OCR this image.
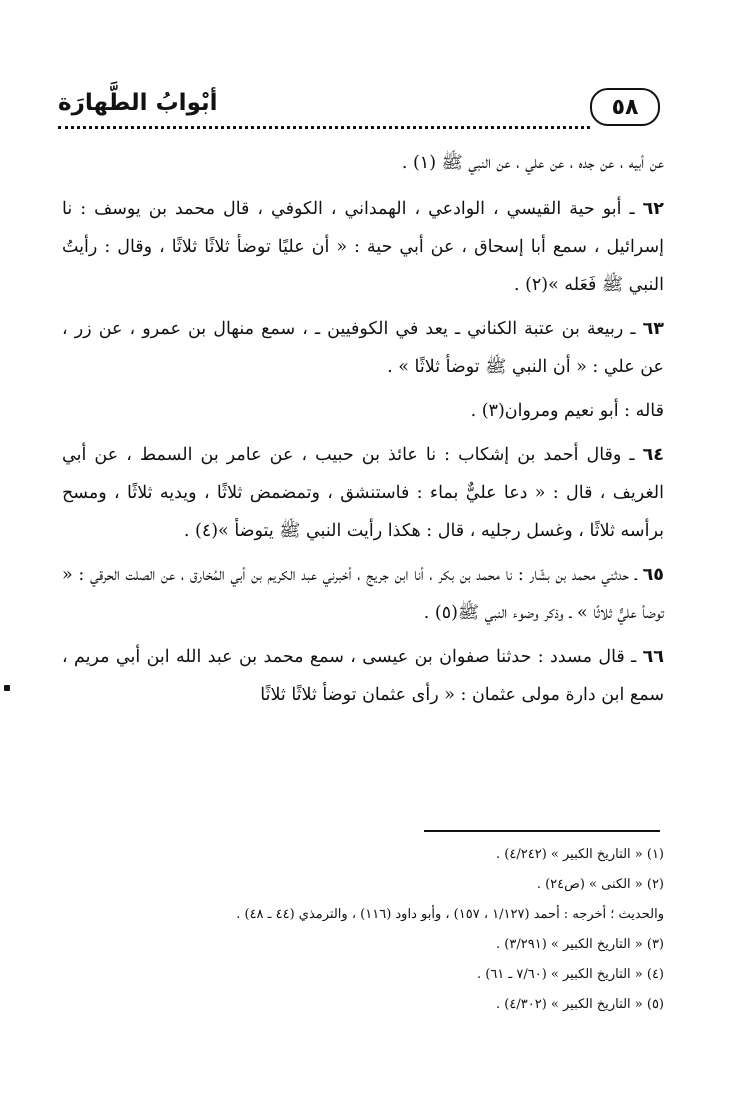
٥٨
أبْوابُ الطَّهارَة

عن أبيه ، عن جده ، عن علي ، عن النبي ﷺ (١) .

٦٢ ـ أبو حية القيسي ، الوادعي ، الهمداني ، الكوفي ، قال محمد بن يوسف : نا إسرائيل ، سمع أبا إسحاق ، عن أبي حية : « أن عليًا توضأ ثلاثًا ثلاثًا ، وقال : رأيتُ النبي ﷺ فَعَله »(٢) .

٦٣ ـ ربيعة بن عتبة الكناني ـ يعد في الكوفيين ـ ، سمع منهال بن عمرو ، عن زر ، عن علي : « أن النبي ﷺ توضأ ثلاثًا » .

قاله : أبو نعيم ومروان(٣) .

٦٤ ـ وقال أحمد بن إشكاب : نا عائذ بن حبيب ، عن عامر بن السمط ، عن أبي الغريف ، قال : « دعا عليٌّ بماء : فاستنشق ، وتمضمض ثلاثًا ، ويديه ثلاثًا ، ومسح برأسه ثلاثًا ، وغسل رجليه ، قال : هكذا رأيت النبي ﷺ يتوضأ »(٤) .

٦٥ ـ حدثني محمد بن بشّار : نا محمد بن بكر ، أنا ابن جريج ، أخبرني عبد الكريم بن أبي المُخارق ، عن الصلت الحرقي : « توضأ عليٌّ ثلاثًا » ـ وذكر وضوء النبي ﷺ(٥) .

٦٦ ـ قال مسدد : حدثنا صفوان بن عيسى ، سمع محمد بن عبد الله ابن أبي مريم ، سمع ابن دارة مولى عثمان : « رأى عثمان توضأ ثلاثًا ثلاثًا

(١) « التاريخ الكبير » (٤/٢٤٢) .

(٢) « الكنى » (ص٢٤) .

والحديث ؛ أخرجه : أحمد (١/١٢٧ ، ١٥٧) ، وأبو داود (١١٦) ، والترمذي (٤٤ ـ ٤٨) .

(٣) « التاريخ الكبير » (٣/٢٩١) .

(٤) « التاريخ الكبير » (٧/٦٠ ـ ٦١) .

(٥) « التاريخ الكبير » (٤/٣٠٢) .
